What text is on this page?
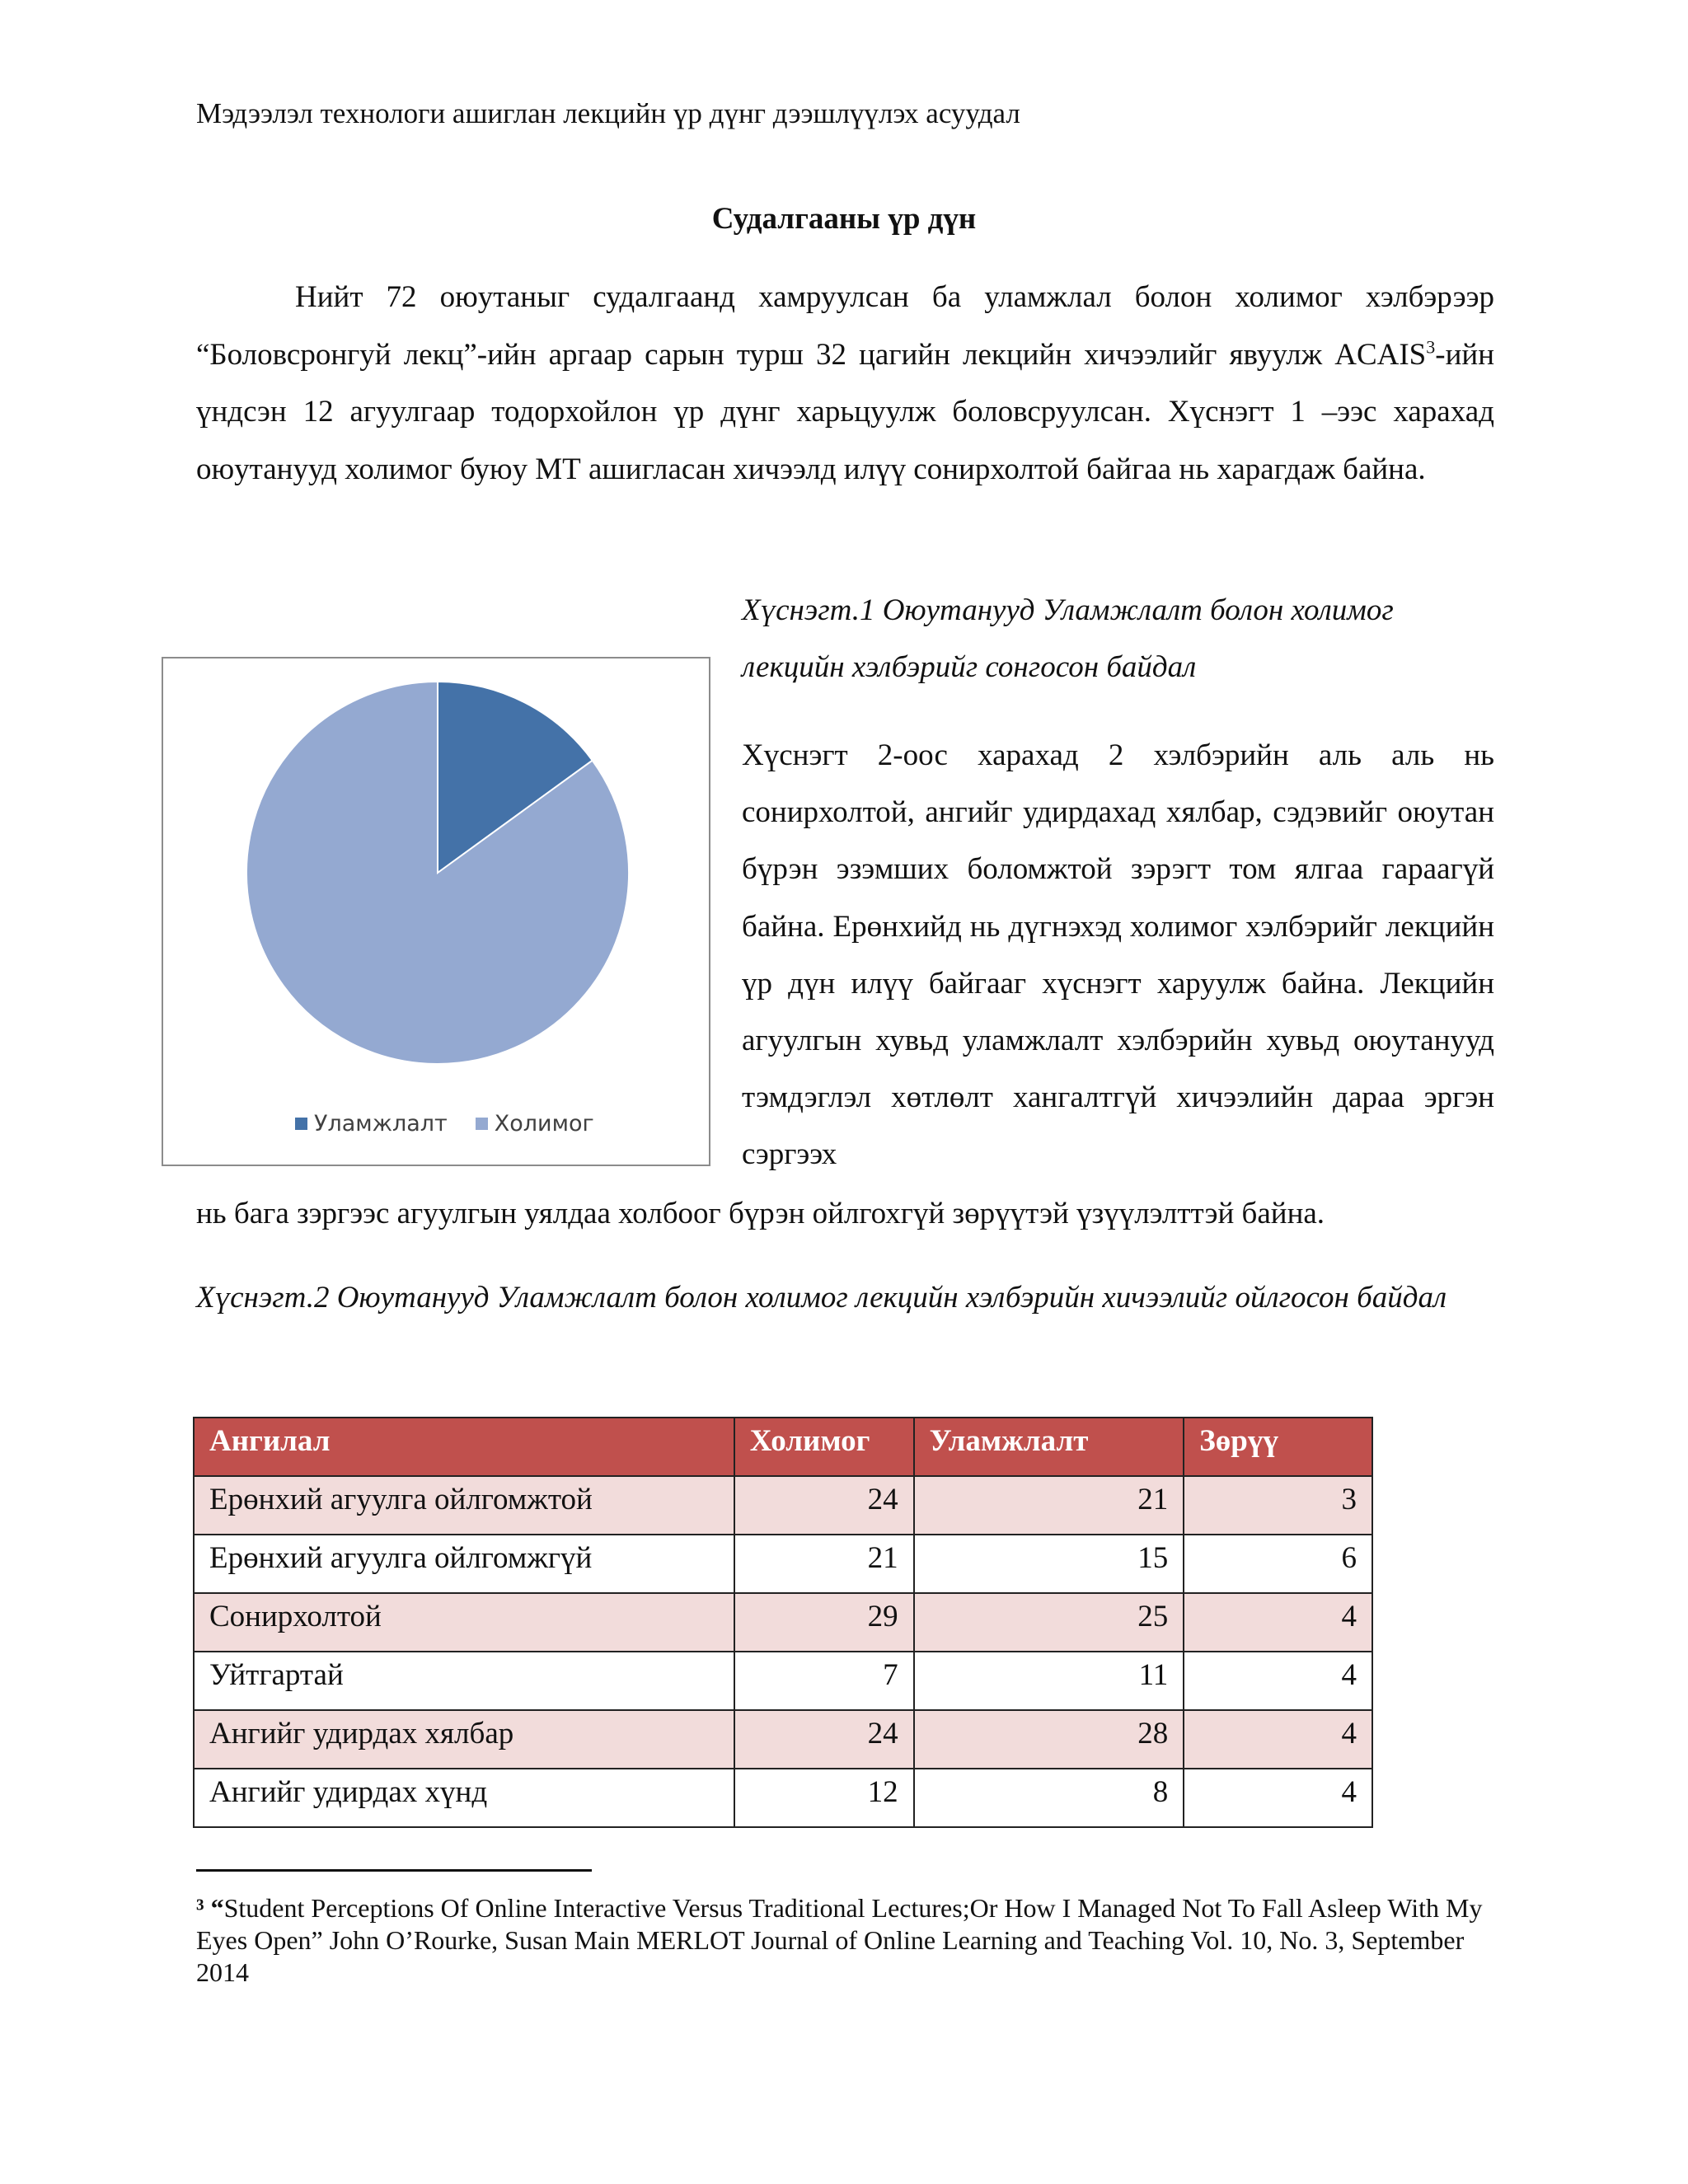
Мэдээлэл технологи ашиглан лекцийн үр дүнг дээшлүүлэх асуудал
Судалгааны үр дүн

Нийт 72 оюутаныг судалгаанд хамруулсан ба уламжлал болон холимог хэлбэрээр “Боловсронгуй лекц”-ийн аргаар сарын турш 32 цагийн лекцийн хичээлийг явуулж ACAIS$^3$-ийн үндсэн 12 агуулгаар тодорхойлон үр дүнг харьцуулж боловсруулсан. Хүснэгт 1 –ээс харахад оюутанууд холимог буюу МТ ашигласан хичээлд илүү сонирхолтой байгаа нь харагдаж байна.

Хүснэгт.1 Оюутанууд Уламжлалт болон холимог
лекцийн хэлбэрийг сонгосон байдал
Уламжлалт Холимог
Хүснэгт 2-оос харахад 2 хэлбэрийн аль аль нь сонирхолтой, ангийг удирдахад хялбар, сэдэвийг оюутан бүрэн эзэмших боломжтой зэрэгт том ялгаа гараагүй байна. Ерөнхийд нь дүгнэхэд холимог хэлбэрийг лекцийн үр дүн илүү байгааг хүснэгт харуулж байна. Лекцийн агуулгын хувьд уламжлалт хэлбэрийн хувьд оюутанууд тэмдэглэл хөтлөлт хангалтгүй хичээлийн дараа эргэн сэргээх
нь бага зэргээс агуулгын уялдаа холбоог бүрэн ойлгохгүй зөрүүтэй үзүүлэлттэй байна.
Хүснэгт.2 Оюутанууд Уламжлалт болон холимог лекцийн хэлбэрийн хичээлийг ойлгосон байдал
Ангилал	Холимог	Уламжлалт	Зөрүү
Ерөнхий агуулга ойлгомжтой	24	21	3
Ерөнхий агуулга ойлгомжгүй	21	15	6
Сонирхолтой	29	25	4
Уйтгартай	7	11	4
Ангийг удирдах хялбар	24	28	4
Ангийг удирдах хүнд	12	8	4
³ “Student Perceptions Of Online Interactive Versus Traditional Lectures;Or How I Managed Not To Fall Asleep With My Eyes Open” John O’Rourke, Susan Main MERLOT Journal of Online Learning and Teaching Vol. 10, No. 3, September 2014
